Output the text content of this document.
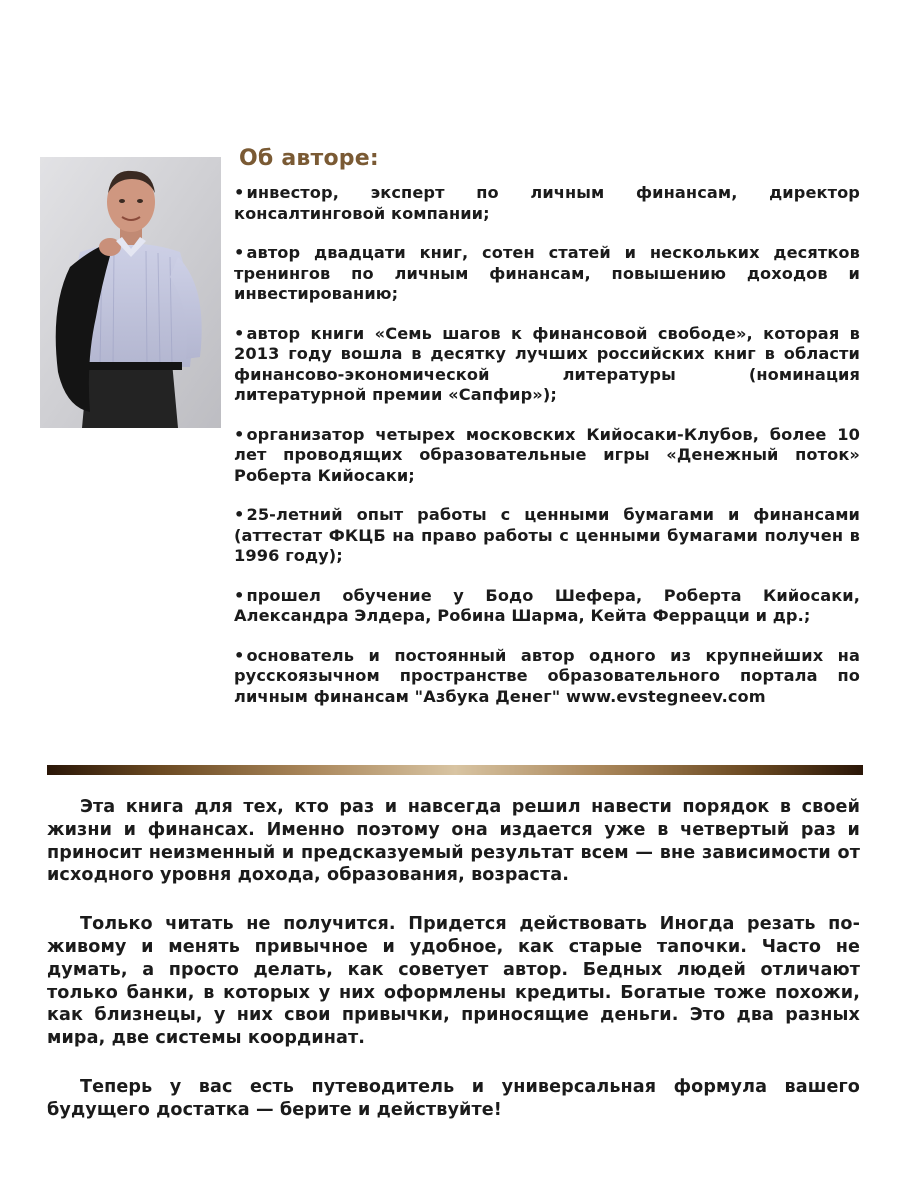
Об авторе:
• инвестор, эксперт по личным финансам, директор консалтинговой компании;
• автор двадцати книг, сотен статей и нескольких десятков тренингов по личным финансам, повышению доходов и инвестированию;
• автор книги «Семь шагов к финансовой свободе», которая в 2013 году вошла в десятку лучших российских книг в области финансово-экономической литературы (номинация литературной премии «Сапфир»);
• организатор четырех московских Кийосаки-Клубов, более 10 лет проводящих образовательные игры «Денежный поток» Роберта Кийосаки;
• 25-летний опыт работы с ценными бумагами и финансами (аттестат ФКЦБ на право работы с ценными бумагами получен в 1996 году);
• прошел обучение у Бодо Шефера, Роберта Кийосаки, Александра Элдера, Робина Шарма, Кейта Феррацци и др.;
• основатель и постоянный автор одного из крупнейших на русскоязычном пространстве образовательного портала по личным финансам "Азбука Денег" www.evstegneev.com

Эта книга для тех, кто раз и навсегда решил навести порядок в своей жизни и финансах. Именно поэтому она издается уже в четвертый раз и приносит неизменный и предсказуемый результат всем — вне зависимости от исходного уровня дохода, образования, возраста.

Только читать не получится. Придется действовать Иногда резать по-живому и менять привычное и удобное, как старые тапочки. Часто не думать, а просто делать, как советует автор. Бедных людей отличают только банки, в которых у них оформлены кредиты. Богатые тоже похожи, как близнецы, у них свои привычки, приносящие деньги. Это два разных мира, две системы координат.

Теперь у вас есть путеводитель и универсальная формула вашего будущего достатка — берите и действуйте!
